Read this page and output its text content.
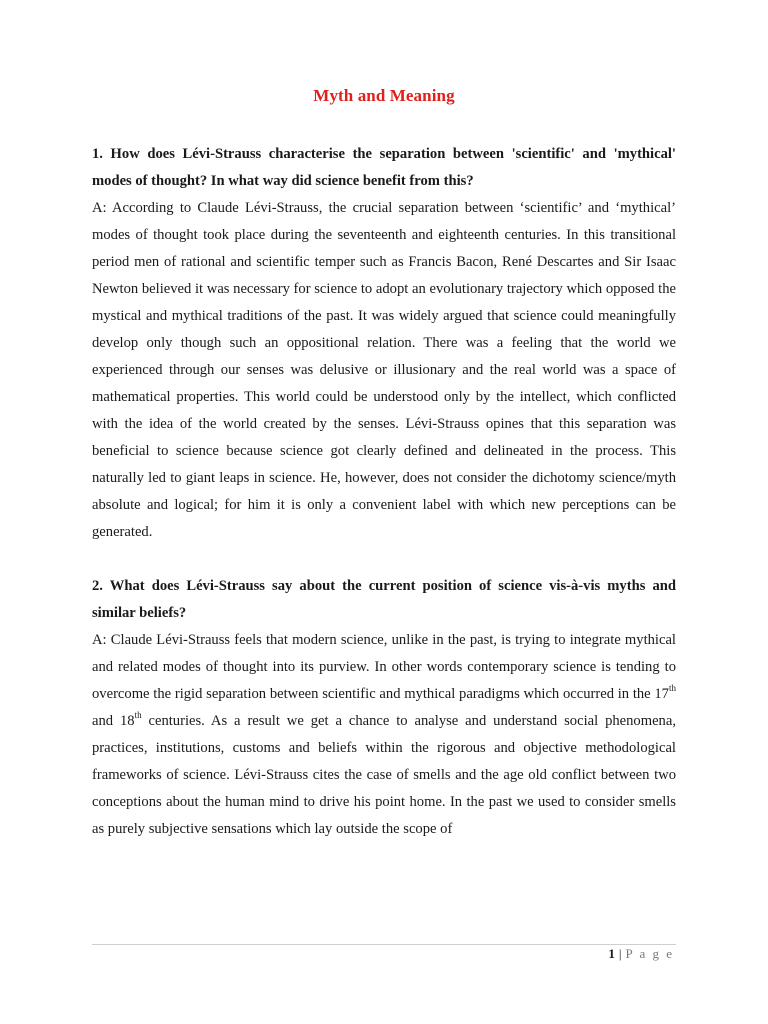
Myth and Meaning

1. How does Lévi-Strauss characterise the separation between 'scientific' and 'mythical' modes of thought? In what way did science benefit from this?

A: According to Claude Lévi-Strauss, the crucial separation between ‘scientific’ and ‘mythical’ modes of thought took place during the seventeenth and eighteenth centuries. In this transitional period men of rational and scientific temper such as Francis Bacon, René Descartes and Sir Isaac Newton believed it was necessary for science to adopt an evolutionary trajectory which opposed the mystical and mythical traditions of the past. It was widely argued that science could meaningfully develop only though such an oppositional relation. There was a feeling that the world we experienced through our senses was delusive or illusionary and the real world was a space of mathematical properties. This world could be understood only by the intellect, which conflicted with the idea of the world created by the senses. Lévi-Strauss opines that this separation was beneficial to science because science got clearly defined and delineated in the process. This naturally led to giant leaps in science. He, however, does not consider the dichotomy science/myth absolute and logical; for him it is only a convenient label with which new perceptions can be generated.

2. What does Lévi-Strauss say about the current position of science vis-à-vis myths and similar beliefs?

A: Claude Lévi-Strauss feels that modern science, unlike in the past, is trying to integrate mythical and related modes of thought into its purview. In other words contemporary science is tending to overcome the rigid separation between scientific and mythical paradigms which occurred in the 17th and 18th centuries. As a result we get a chance to analyse and understand social phenomena, practices, institutions, customs and beliefs within the rigorous and objective methodological frameworks of science. Lévi-Strauss cites the case of smells and the age old conflict between two conceptions about the human mind to drive his point home. In the past we used to consider smells as purely subjective sensations which lay outside the scope of

1 | P a g e
